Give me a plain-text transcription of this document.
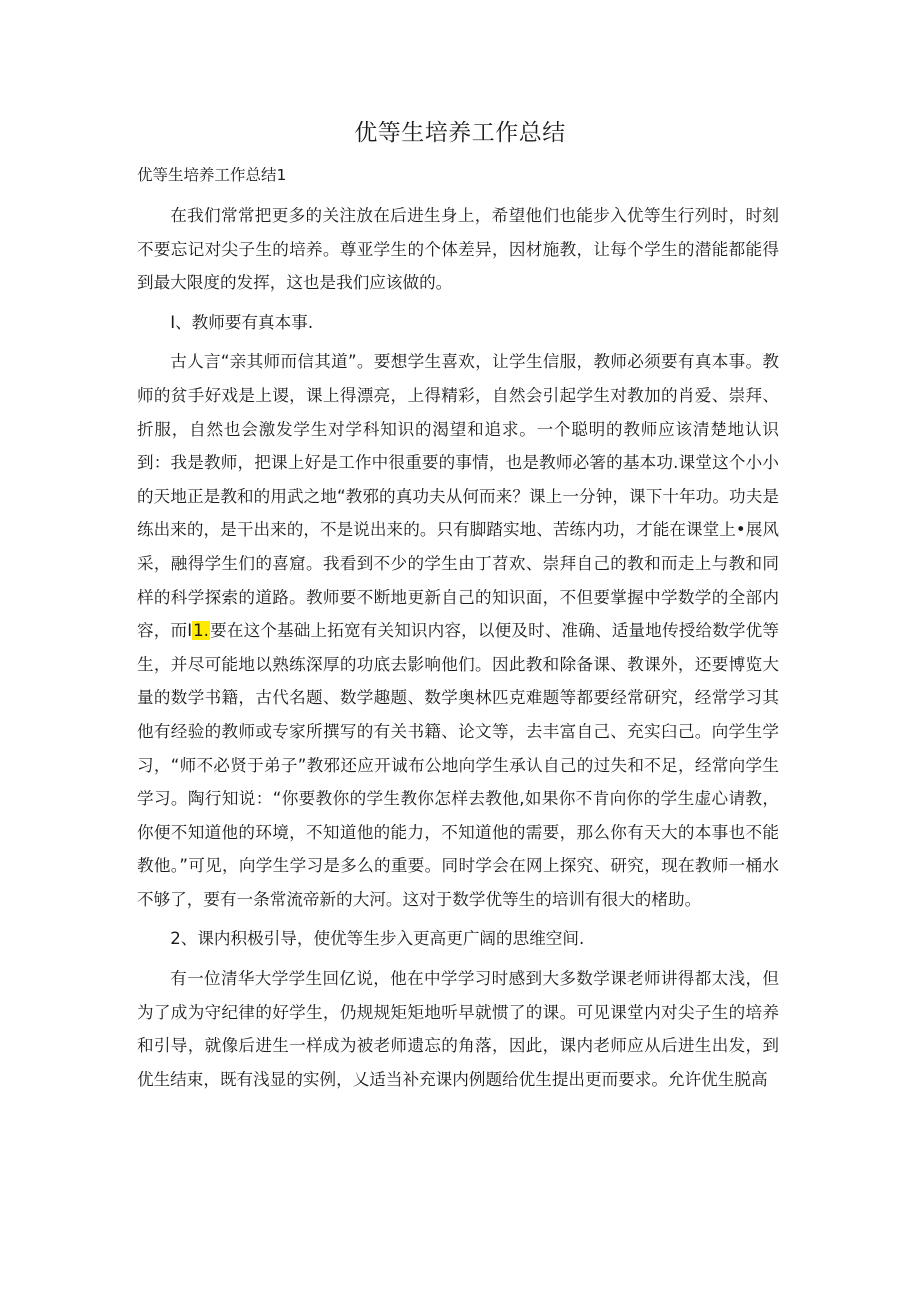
优等生培养工作总结
优等生培养工作总结1

在我们常常把更多的关注放在后进生身上，希望他们也能步入优等生行列时，时刻不要忘记对尖子生的培养。尊亚学生的个体差异，因材施教，让每个学生的潜能都能得到最大限度的发挥，这也是我们应该做的。

I、教师要有真本事.

古人言“亲其师而信其道”。要想学生喜欢，让学生信服，教师必须要有真本事。教师的贫手好戏是上谡，课上得漂亮，上得精彩，自然会引起学生对教加的肖爱、崇拜、折服，自然也会激发学生对学科知识的渴望和追求。一个聪明的教师应该清楚地认识到：我是教师，把课上好是工作中很重要的事情，也是教师必箸的基本功.课堂这个小小的天地正是教和的用武之地“教邪的真功夫从何而来？课上一分钟，课下十年功。功夫是练出来的，是干出来的，不是说出来的。只有脚踏实地、苦练内功，才能在课堂上•展风采，融得学生们的喜窟。我看到不少的学生由丁苕欢、崇拜自己的教和而走上与教和同样的科学探索的道路。教师要不断地更新自己的知识面，不但要掌握中学数学的全部内容，而I1.要在这个基础上拓宽有关知识内容，以便及时、准确、适量地传授给数学优等生，并尽可能地以熟练深厚的功底去影响他们。因此教和除备课、教课外，还要博览大量的数学书籍，古代名题、数学趣题、数学奥林匹克难题等都要经常研究，经常学习其他有经验的教师或专家所撰写的有关书籍、论文等，去丰富自己、充实臼己。向学生学习，“师不必贤于弟子”教邪还应开诚布公地向学生承认自己的过失和不足，经常向学生学习。陶行知说：“你要教你的学生教你怎样去教他,如果你不肯向你的学生虚心请教，你便不知道他的环境，不知道他的能力，不知道他的需要，那么你有天大的本事也不能教他。”可见，向学生学习是多么的重要。同时学会在网上探究、研究，现在教师一桶水不够了，要有一条常流帝新的大河。这对于数学优等生的培训有很大的楮助。

2、课内积极引导，使优等生步入更高更广阔的思维空间.

有一位清华大学学生回亿说，他在中学学习时感到大多数学课老师讲得都太浅，但为了成为守纪律的好学生，仍规规矩矩地听早就惯了的课。可见课堂内对尖子生的培养和引导，就像后进生一样成为被老师遗忘的角落，因此，课内老师应从后进生出发，到优生结束，既有浅显的实例，乂适当补充课内例题给优生提出更而要求。允许优生脱高
